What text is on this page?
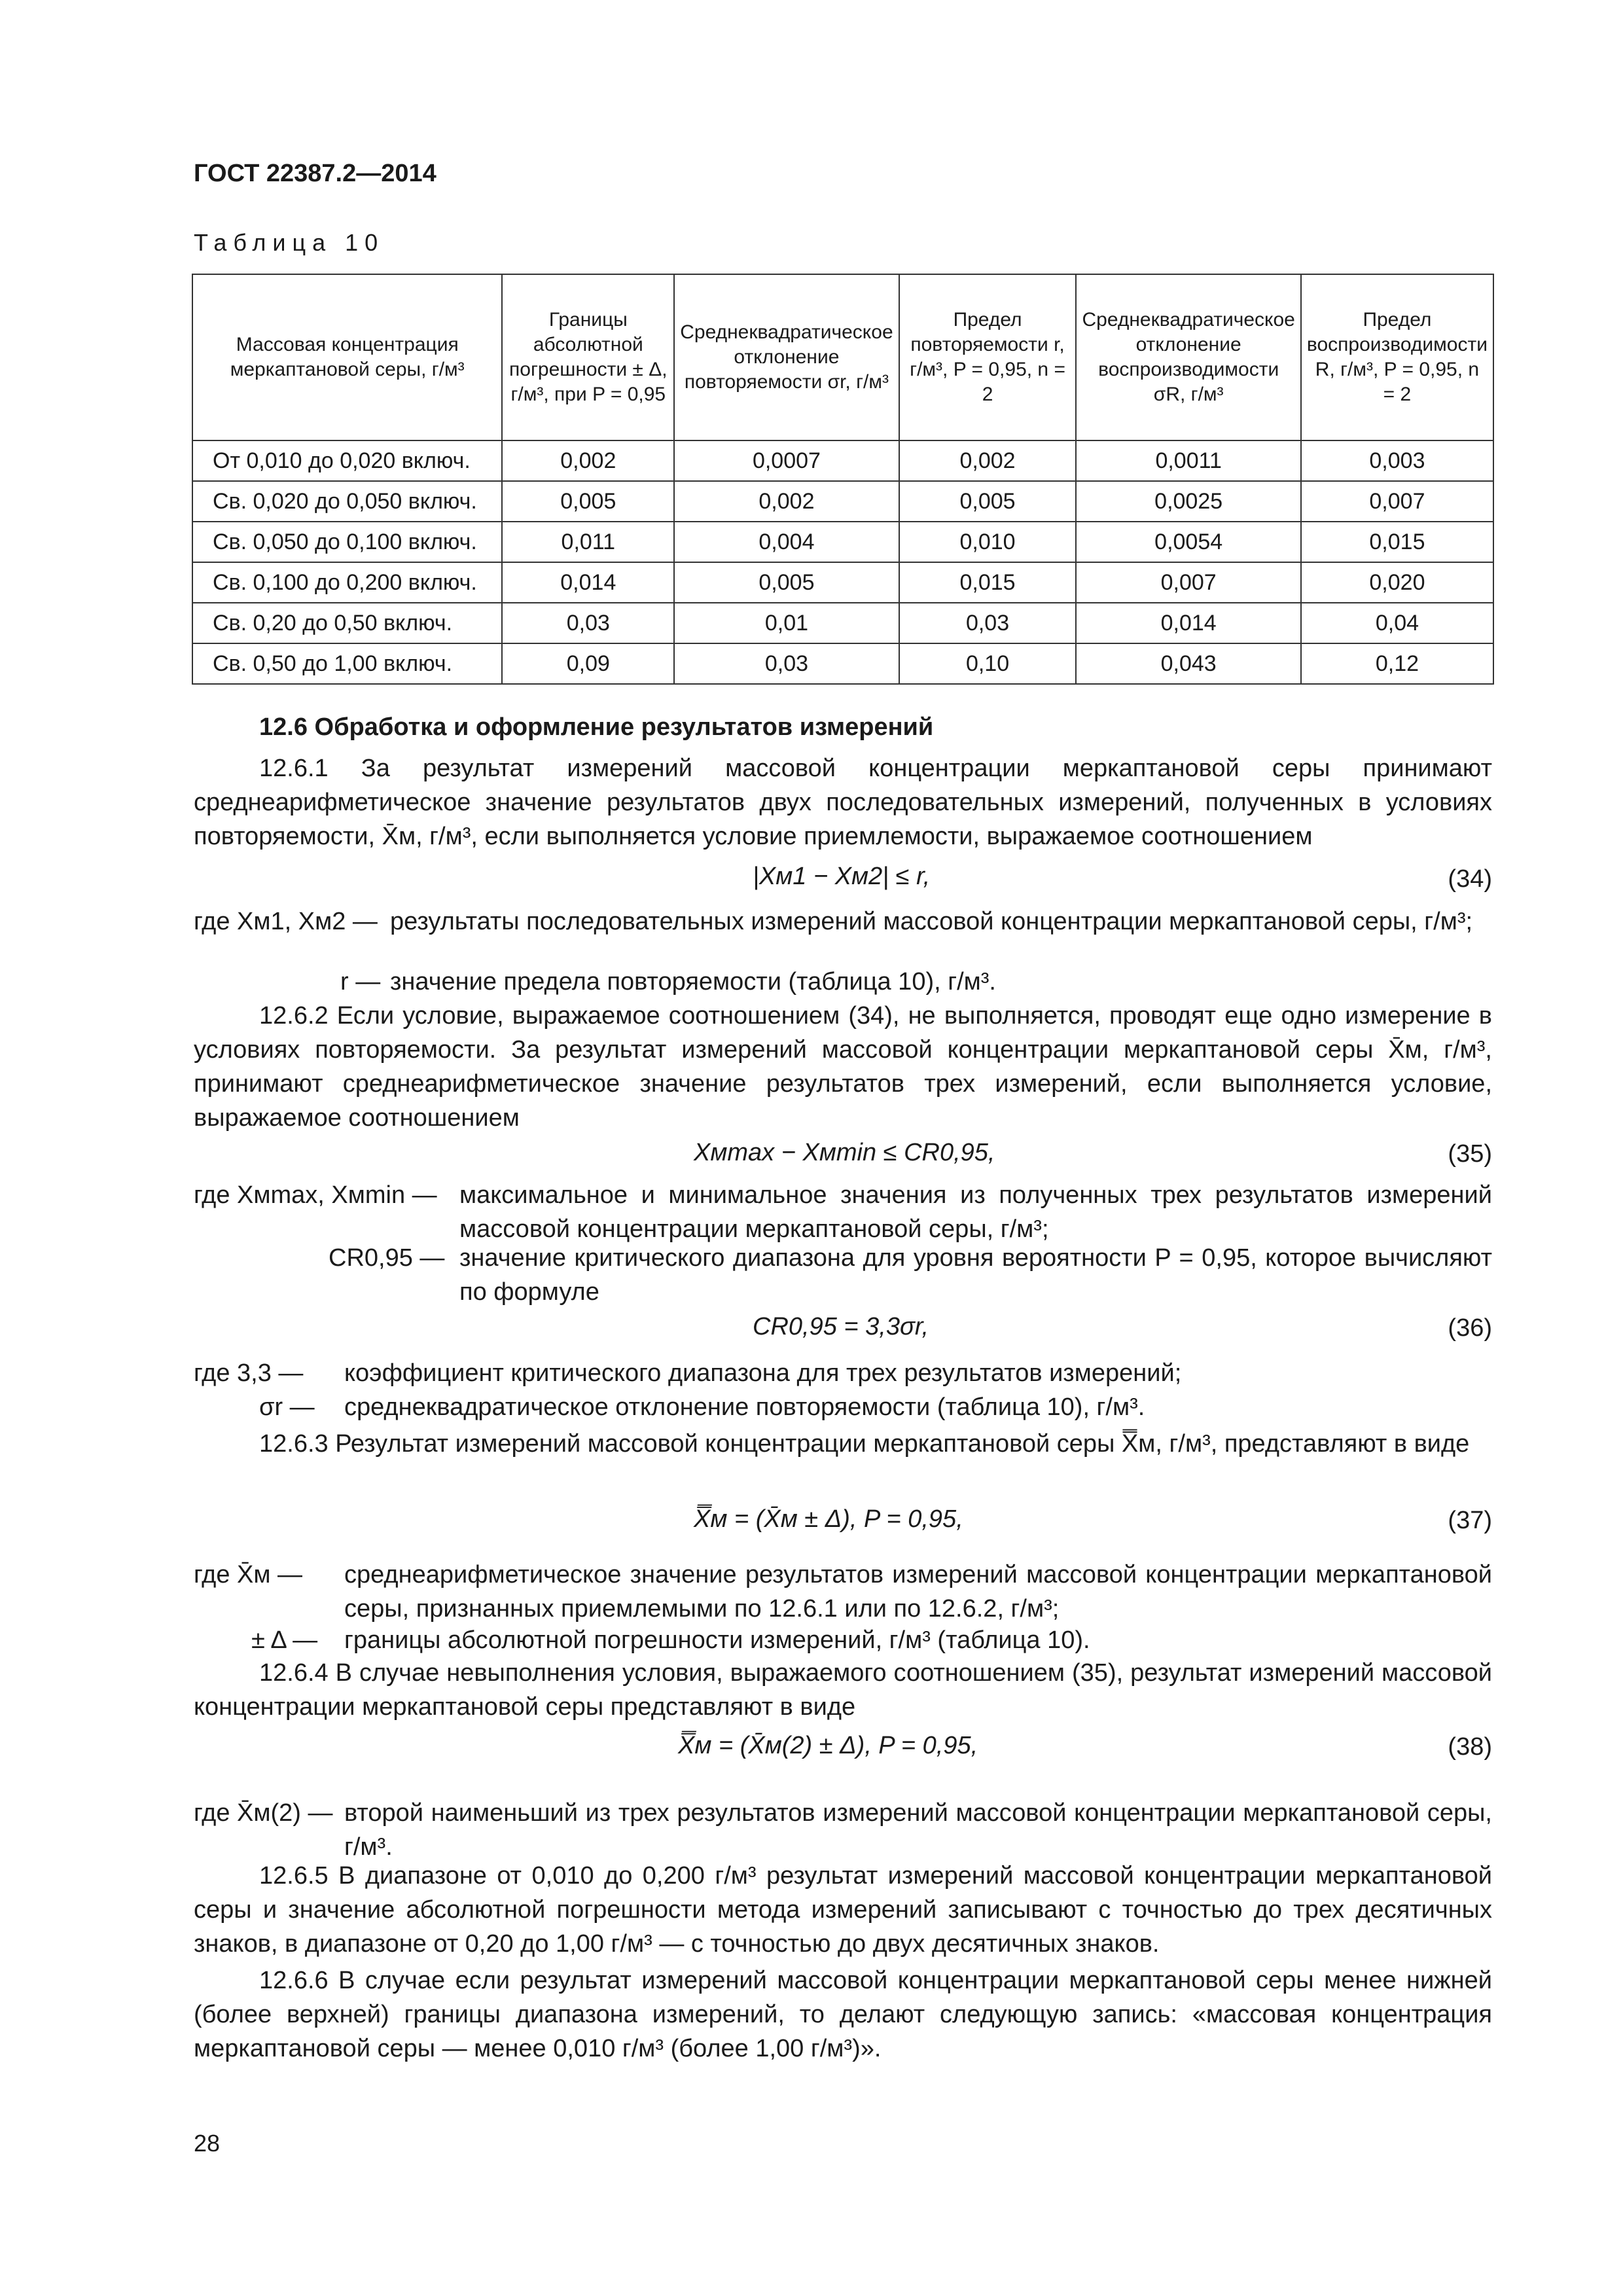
ГОСТ 22387.2—2014
Таблица 10
Массовая концентрация меркаптановой серы, г/м³	Границы абсолютной погрешности ± Δ, г/м³, при P = 0,95	Среднеквадратическое отклонение повторяемости σr, г/м³	Предел повторяемости r, г/м³, P = 0,95, n = 2	Среднеквадратическое отклонение воспроизводимости σR, г/м³	Предел воспроизводимости R, г/м³, P = 0,95, n = 2
От 0,010 до 0,020 включ.	0,002	0,0007	0,002	0,0011	0,003
Св. 0,020 до 0,050 включ.	0,005	0,002	0,005	0,0025	0,007
Св. 0,050 до 0,100 включ.	0,011	0,004	0,010	0,0054	0,015
Св. 0,100 до 0,200 включ.	0,014	0,005	0,015	0,007	0,020
Св. 0,20 до 0,50 включ.	0,03	0,01	0,03	0,014	0,04
Св. 0,50 до 1,00 включ.	0,09	0,03	0,10	0,043	0,12
12.6 Обработка и оформление результатов измерений
12.6.1 За результат измерений массовой концентрации меркаптановой серы принимают среднеарифметическое значение результатов двух последовательных измерений, полученных в условиях повторяемости, X̄м, г/м³, если выполняется условие приемлемости, выражаемое соотношением
|Xм1 − Xм2| ≤ r,	(34)
где Xм1, Xм2 — результаты последовательных измерений массовой концентрации меркаптановой серы, г/м³;
r — значение предела повторяемости (таблица 10), г/м³.
12.6.2 Если условие, выражаемое соотношением (34), не выполняется, проводят еще одно измерение в условиях повторяемости. За результат измерений массовой концентрации меркаптановой серы X̄м, г/м³, принимают среднеарифметическое значение результатов трех измерений, если выполняется условие, выражаемое соотношением
Xмmax − Xмmin ≤ CR0,95,	(35)
где Xмmax, Xмmin — максимальное и минимальное значения из полученных трех результатов измерений массовой концентрации меркаптановой серы, г/м³;
CR0,95 — значение критического диапазона для уровня вероятности P = 0,95, которое вычисляют по формуле
CR0,95 = 3,3σr,	(36)
где 3,3 — коэффициент критического диапазона для трех результатов измерений;
σr — среднеквадратическое отклонение повторяемости (таблица 10), г/м³.
12.6.3 Результат измерений массовой концентрации меркаптановой серы X̿м, г/м³, представляют в виде
X̿м = (X̄м ± Δ), P = 0,95,	(37)
где X̄м — среднеарифметическое значение результатов измерений массовой концентрации меркаптановой серы, признанных приемлемыми по 12.6.1 или по 12.6.2, г/м³;
± Δ — границы абсолютной погрешности измерений, г/м³ (таблица 10).
12.6.4 В случае невыполнения условия, выражаемого соотношением (35), результат измерений массовой концентрации меркаптановой серы представляют в виде
X̿м = (X̄м(2) ± Δ), P = 0,95,	(38)
где X̄м(2) — второй наименьший из трех результатов измерений массовой концентрации меркаптановой серы, г/м³.
12.6.5 В диапазоне от 0,010 до 0,200 г/м³ результат измерений массовой концентрации меркаптановой серы и значение абсолютной погрешности метода измерений записывают с точностью до трех десятичных знаков, в диапазоне от 0,20 до 1,00 г/м³ — с точностью до двух десятичных знаков.
12.6.6 В случае если результат измерений массовой концентрации меркаптановой серы менее нижней (более верхней) границы диапазона измерений, то делают следующую запись: «массовая концентрация меркаптановой серы — менее 0,010 г/м³ (более 1,00 г/м³)».
28
